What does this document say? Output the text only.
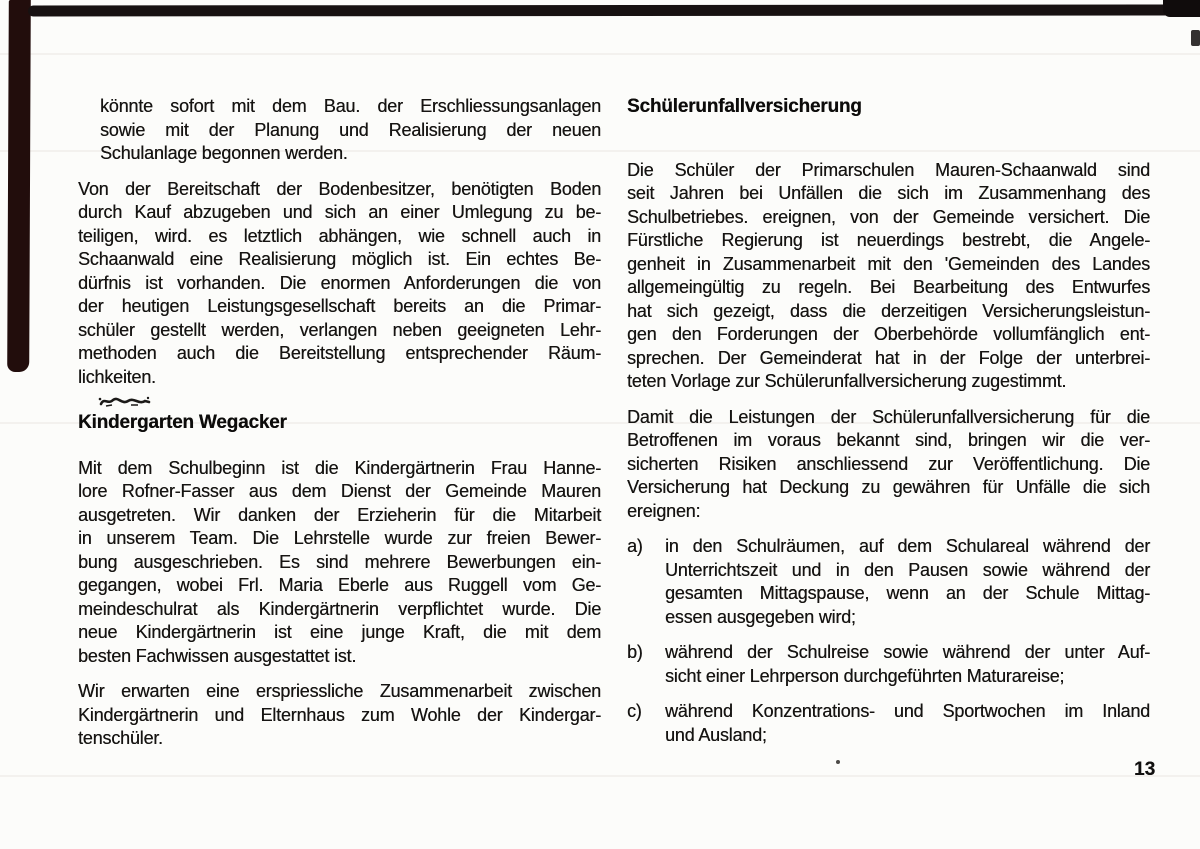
könnte sofort mit dem Bau. der Erschliessungsanlagen
sowie mit der Planung und Realisierung der neuen
Schulanlage begonnen werden.
Von der Bereitschaft der Bodenbesitzer, benötigten Boden
durch Kauf abzugeben und sich an einer Umlegung zu be-
teiligen, wird. es letztlich abhängen, wie schnell auch in
Schaanwald eine Realisierung möglich ist. Ein echtes Be-
dürfnis ist vorhanden. Die enormen Anforderungen die von
der heutigen Leistungsgesellschaft bereits an die Primar-
schüler gestellt werden, verlangen neben geeigneten Lehr-
methoden auch die Bereitstellung entsprechender Räum-
lichkeiten.
Kindergarten Wegacker
Mit dem Schulbeginn ist die Kindergärtnerin Frau Hanne-
lore Rofner-Fasser aus dem Dienst der Gemeinde Mauren
ausgetreten. Wir danken der Erzieherin für die Mitarbeit
in unserem Team. Die Lehrstelle wurde zur freien Bewer-
bung ausgeschrieben. Es sind mehrere Bewerbungen ein-
gegangen, wobei Frl. Maria Eberle aus Ruggell vom Ge-
meindeschulrat als Kindergärtnerin verpflichtet wurde. Die
neue Kindergärtnerin ist eine junge Kraft, die mit dem
besten Fachwissen ausgestattet ist.
Wir erwarten eine erspriessliche Zusammenarbeit zwischen
Kindergärtnerin und Elternhaus zum Wohle der Kindergar-
tenschüler.
Schülerunfallversicherung
Die Schüler der Primarschulen Mauren-Schaanwald sind
seit Jahren bei Unfällen die sich im Zusammenhang des
Schulbetriebes. ereignen, von der Gemeinde versichert. Die
Fürstliche Regierung ist neuerdings bestrebt, die Angele-
genheit in Zusammenarbeit mit den 'Gemeinden des Landes
allgemeingültig zu regeln. Bei Bearbeitung des Entwurfes
hat sich gezeigt, dass die derzeitigen Versicherungsleistun-
gen den Forderungen der Oberbehörde vollumfänglich ent-
sprechen. Der Gemeinderat hat in der Folge der unterbrei-
teten Vorlage zur Schülerunfallversicherung zugestimmt.
Damit die Leistungen der Schülerunfallversicherung für die
Betroffenen im voraus bekannt sind, bringen wir die ver-
sicherten Risiken anschliessend zur Veröffentlichung. Die
Versicherung hat Deckung zu gewähren für Unfälle die sich
ereignen:
a)	in den Schulräumen, auf dem Schulareal während der
Unterrichtszeit und in den Pausen sowie während der
gesamten Mittagspause, wenn an der Schule Mittag-
essen ausgegeben wird;
b)	während der Schulreise sowie während der unter Auf-
sicht einer Lehrperson durchgeführten Maturareise;
c)	während Konzentrations- und Sportwochen im Inland
und Ausland;
13
